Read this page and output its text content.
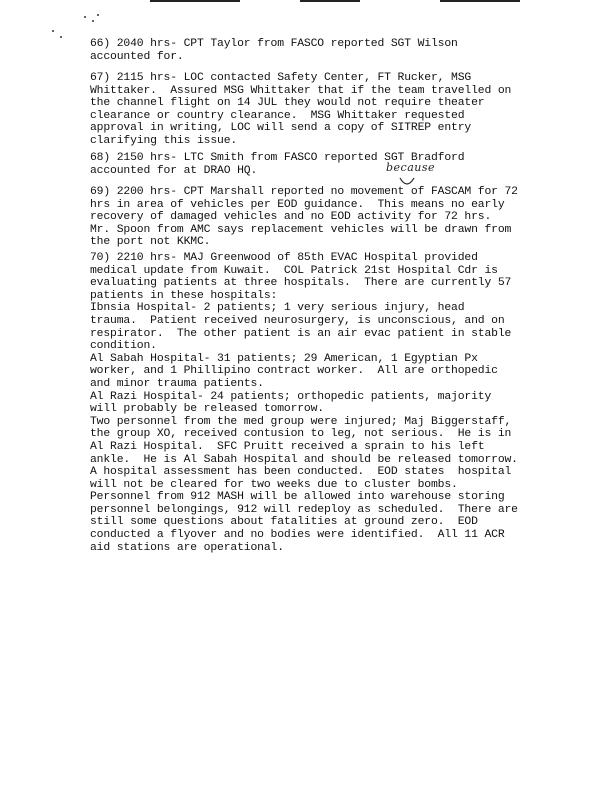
66) 2040 hrs- CPT Taylor from FASCO reported SGT Wilson
accounted for.
67) 2115 hrs- LOC contacted Safety Center, FT Rucker, MSG
Whittaker.  Assured MSG Whittaker that if the team travelled on
the channel flight on 14 JUL they would not require theater
clearance or country clearance.  MSG Whittaker requested
approval in writing, LOC will send a copy of SITREP entry
clarifying this issue.
68) 2150 hrs- LTC Smith from FASCO reported SGT Bradford
accounted for at DRAO HQ.	because
69) 2200 hrs- CPT Marshall reported no movement of FASCAM for 72
hrs in area of vehicles per EOD guidance.  This means no early
recovery of damaged vehicles and no EOD activity for 72 hrs.
Mr. Spoon from AMC says replacement vehicles will be drawn from
the port not KKMC.
70) 2210 hrs- MAJ Greenwood of 85th EVAC Hospital provided
medical update from Kuwait.  COL Patrick 21st Hospital Cdr is
evaluating patients at three hospitals.  There are currently 57
patients in these hospitals:
Ibnsia Hospital- 2 patients; 1 very serious injury, head
trauma.  Patient received neurosurgery, is unconscious, and on
respirator.  The other patient is an air evac patient in stable
condition.
Al Sabah Hospital- 31 patients; 29 American, 1 Egyptian Px
worker, and 1 Phillipino contract worker.  All are orthopedic
and minor trauma patients.
Al Razi Hospital- 24 patients; orthopedic patients, majority
will probably be released tomorrow.
Two personnel from the med group were injured; Maj Biggerstaff,
the group XO, received contusion to leg, not serious.  He is in
Al Razi Hospital.  SFC Pruitt received a sprain to his left
ankle.  He is Al Sabah Hospital and should be released tomorrow.
A hospital assessment has been conducted.  EOD states  hospital
will not be cleared for two weeks due to cluster bombs.
Personnel from 912 MASH will be allowed into warehouse storing
personnel belongings, 912 will redeploy as scheduled.  There are
still some questions about fatalities at ground zero.  EOD
conducted a flyover and no bodies were identified.  All 11 ACR
aid stations are operational.
